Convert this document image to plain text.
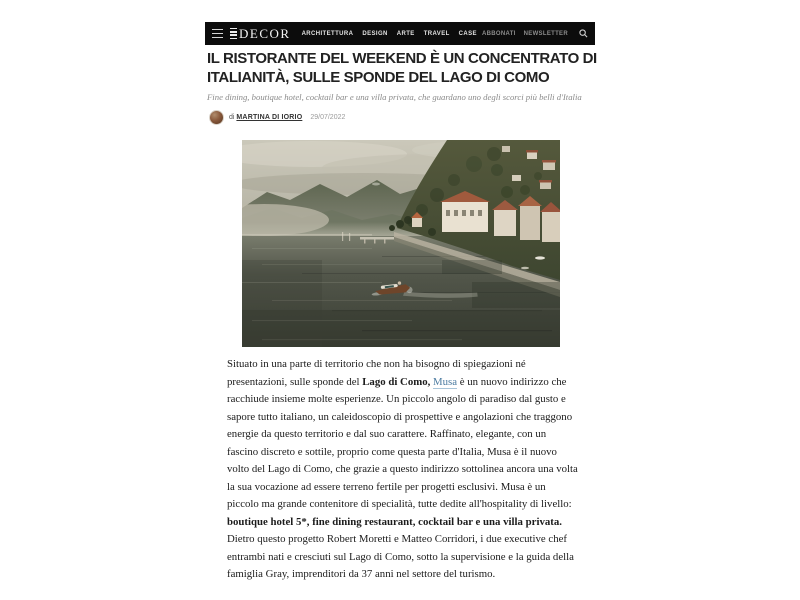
DECOR ARCHITETTURA DESIGN ARTE TRAVEL CASE ABBONATI NEWSLETTER
IL RISTORANTE DEL WEEKEND È UN CONCENTRATO DI
ITALIANITÀ, SULLE SPONDE DEL LAGO DI COMO
Fine dining, boutique hotel, cocktail bar e una villa privata, che guardano uno degli scorci più belli d'Italia
di MARTINA DI IORIO 29/07/2022

Situato in una parte di territorio che non ha bisogno di spiegazioni né presentazioni, sulle sponde del Lago di Como, Musa è un nuovo indirizzo che racchiude insieme molte esperienze. Un piccolo angolo di paradiso dal gusto e sapore tutto italiano, un caleidoscopio di prospettive e angolazioni che traggono energie da questo territorio e dal suo carattere. Raffinato, elegante, con un fascino discreto e sottile, proprio come questa parte d'Italia, Musa è il nuovo volto del Lago di Como, che grazie a questo indirizzo sottolinea ancora una volta la sua vocazione ad essere terreno fertile per progetti esclusivi. Musa è un piccolo ma grande contenitore di specialità, tutte dedite all'hospitality di livello:
boutique hotel 5*, fine dining restaurant, cocktail bar e una villa privata.
Dietro questo progetto Robert Moretti e Matteo Corridori, i due executive chef entrambi nati e cresciuti sul Lago di Como, sotto la supervisione e la guida della famiglia Gray, imprenditori da 37 anni nel settore del turismo.
